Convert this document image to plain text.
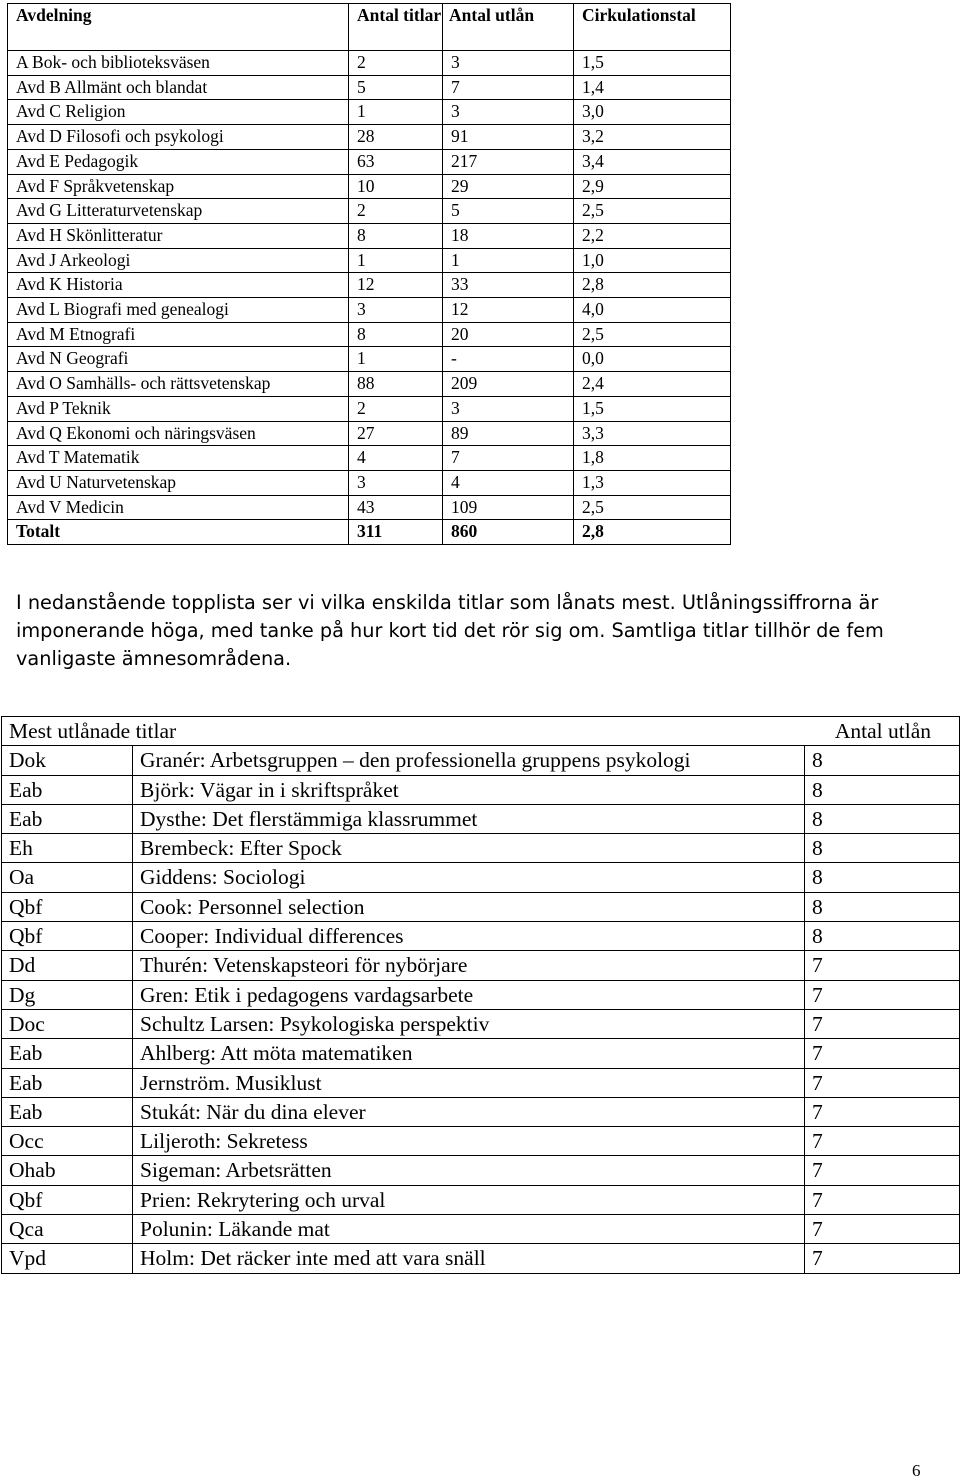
Avdelning	Antal titlar	Antal utlån	Cirkulationstal
A Bok- och biblioteksväsen	2	3	1,5
Avd B Allmänt och blandat	5	7	1,4
Avd C Religion	1	3	3,0
Avd D Filosofi och psykologi	28	91	3,2
Avd E Pedagogik	63	217	3,4
Avd F Språkvetenskap	10	29	2,9
Avd G Litteraturvetenskap	2	5	2,5
Avd H Skönlitteratur	8	18	2,2
Avd J Arkeologi	1	1	1,0
Avd K Historia	12	33	2,8
Avd L Biografi med genealogi	3	12	4,0
Avd M Etnografi	8	20	2,5
Avd N Geografi	1	-	0,0
Avd O Samhälls- och rättsvetenskap	88	209	2,4
Avd P Teknik	2	3	1,5
Avd Q Ekonomi och näringsväsen	27	89	3,3
Avd T Matematik	4	7	1,8
Avd U Naturvetenskap	3	4	1,3
Avd V Medicin	43	109	2,5
Totalt	311	860	2,8

I nedanstående topplista ser vi vilka enskilda titlar som lånats mest. Utlåningssiffrorna är imponerande höga, med tanke på hur kort tid det rör sig om. Samtliga titlar tillhör de fem vanligaste ämnesområdena.

Mest utlånade titlar Antal utlån		

Dok	Granér: Arbetsgruppen – den professionella gruppens psykologi	8
Eab	Björk: Vägar in i skriftspråket	8
Eab	Dysthe: Det flerstämmiga klassrummet	8
Eh	Brembeck: Efter Spock	8
Oa	Giddens: Sociologi	8
Qbf	Cook: Personnel selection	8
Qbf	Cooper: Individual differences	8
Dd	Thurén: Vetenskapsteori för nybörjare	7
Dg	Gren: Etik i pedagogens vardagsarbete	7
Doc	Schultz Larsen: Psykologiska perspektiv	7
Eab	Ahlberg: Att möta matematiken	7
Eab	Jernström. Musiklust	7
Eab	Stukát: När du dina elever	7
Occ	Liljeroth: Sekretess	7
Ohab	Sigeman: Arbetsrätten	7
Qbf	Prien: Rekrytering och urval	7
Qca	Polunin: Läkande mat	7
Vpd	Holm: Det räcker inte med att vara snäll	7
6
